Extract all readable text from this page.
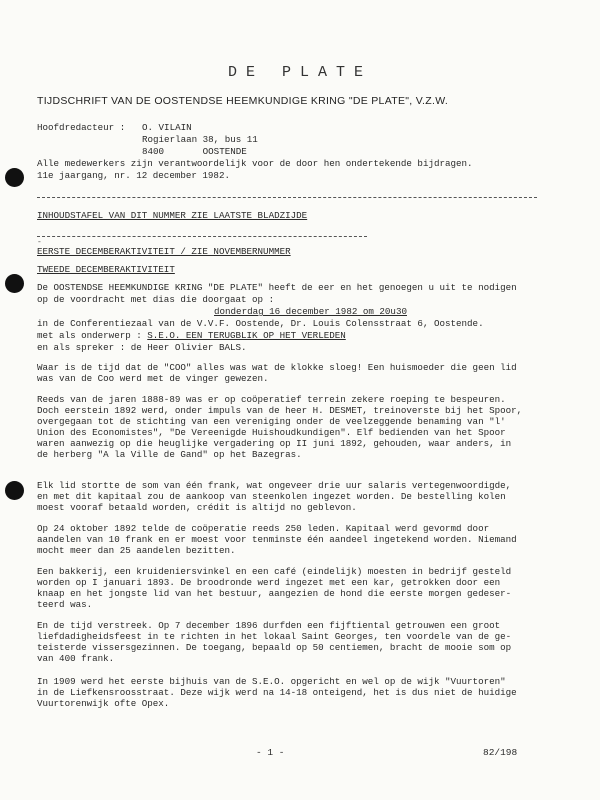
-
DE PLATE
TIJDSCHRIFT VAN DE OOSTENDSE HEEMKUNDIGE KRING "DE PLATE", V.Z.W.
Hoofdredacteur : O. VILAIN
Rogierlaan 38, bus 11
8400       OOSTENDE
Alle medewerkers zijn verantwoordelijk voor de door hen ondertekende bijdragen.
11e jaargang, nr. 12 december 1982.
INHOUDSTAFEL VAN DIT NUMMER ZIE LAATSTE BLADZIJDE
EERSTE DECEMBERAKTIVITEIT / ZIE NOVEMBERNUMMER
TWEEDE DECEMBERAKTIVITEIT
De OOSTENDSE HEEMKUNDIGE KRING "DE PLATE" heeft de eer en het genoegen u uit te nodigen
op de voordracht met dias die doorgaat op :
donderdag 16 december 1982 om 20u30
in de Conferentiezaal van de V.V.F. Oostende, Dr. Louis Colensstraat 6, Oostende.
met als onderwerp : S.E.O. EEN TERUGBLIK OP HET VERLEDEN
en als spreker : de Heer Olivier BALS.
Waar is de tijd dat de "COO" alles was wat de klokke sloeg! Een huismoeder die geen lid
was van de Coo werd met de vinger gewezen.
Reeds van de jaren 1888-89 was er op coöperatief terrein zekere roeping te bespeuren.
Doch eerstein 1892 werd, onder impuls van de heer H. DESMET, treinoverste bij het Spoor,
overgegaan tot de stichting van een vereniging onder de veelzeggende benaming van "l'
Union des Economistes", "De Vereenigde Huishoudkundigen". Elf bedienden van het Spoor
waren aanwezig op die heuglijke vergadering op II juni 1892, gehouden, waar anders, in
de herberg "A la Ville de Gand" op het Bazegras.
Elk lid stortte de som van één frank, wat ongeveer drie uur salaris vertegenwoordigde,
en met dit kapitaal zou de aankoop van steenkolen ingezet worden. De bestelling kolen
moest vooraf betaald worden, crédit is altijd no geblevon.
Op 24 oktober 1892 telde de coöperatie reeds 250 leden. Kapitaal werd gevormd door
aandelen van 10 frank en er moest voor tenminste één aandeel ingetekend worden. Niemand
mocht meer dan 25 aandelen bezitten.
Een bakkerij, een kruideniersvinkel en een café (eindelijk) moesten in bedrijf gesteld
worden op I januari 1893. De broodronde werd ingezet met een kar, getrokken door een
knaap en het jongste lid van het bestuur, aangezien de hond die eerste morgen gedeser-
teerd was.
En de tijd verstreek. Op 7 december 1896 durfden een fijftiental getrouwen een groot
liefdadigheidsfeest in te richten in het lokaal Saint Georges, ten voordele van de ge-
teisterde vissersgezinnen. De toegang, bepaald op 50 centiemen, bracht de mooie som op
van 400 frank.
In 1909 werd het eerste bijhuis van de S.E.O. opgericht en wel op de wijk "Vuurtoren"
in de Liefkensroosstraat. Deze wijk werd na 14-18 onteigend, het is dus niet de huidige
Vuurtorenwijk ofte Opex.
- 1 -	82/198
